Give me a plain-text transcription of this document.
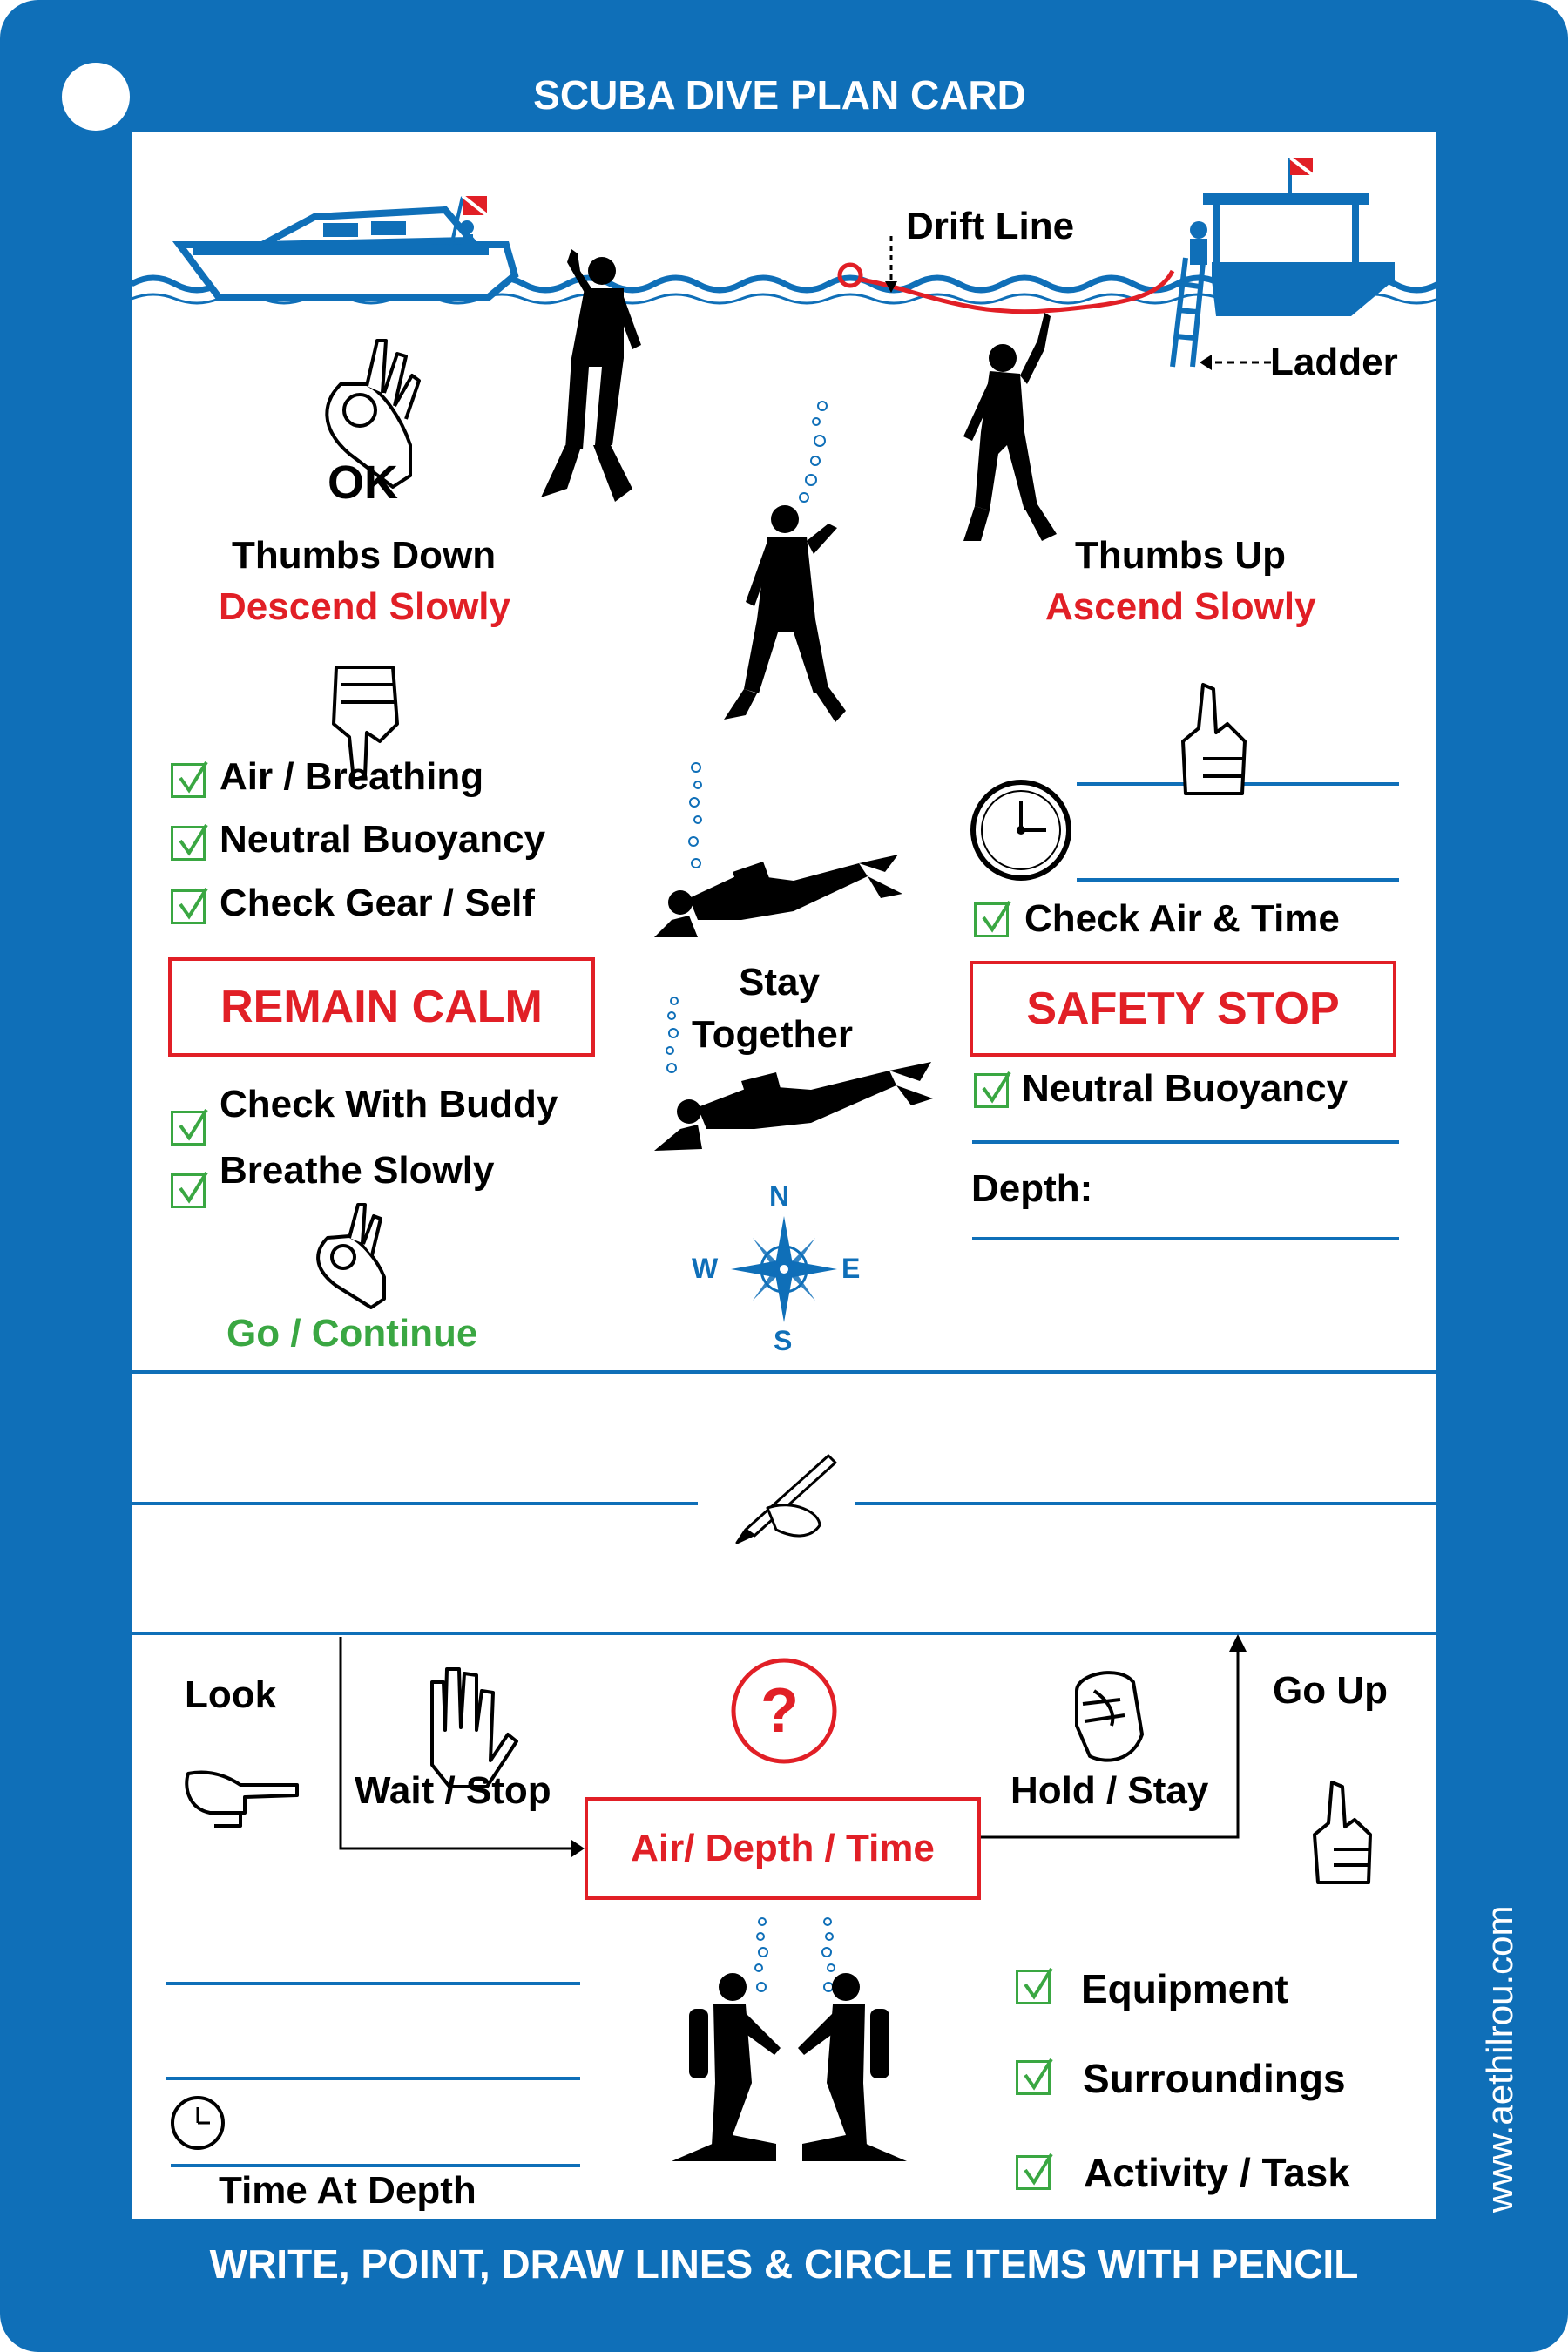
SCUBA DIVE PLAN CARD
WRITE, POINT, DRAW LINES & CIRCLE ITEMS WITH PENCIL
www.aethilrou.com
Drift Line
Ladder
OK
Thumbs Down
Descend Slowly
Thumbs Up
Ascend Slowly
Air / Breathing
Neutral Buoyancy
Check Gear / Self
REMAIN CALM
Check With Buddy
Breathe Slowly
Go / Continue
Stay
Together
N
W	E
S
Check Air & Time
SAFETY STOP
Neutral Buoyancy
Depth:
Look
Wait / Stop
?
Air/ Depth / Time
Hold / Stay
Go Up
Time At Depth
Equipment
Surroundings
Activity / Task
